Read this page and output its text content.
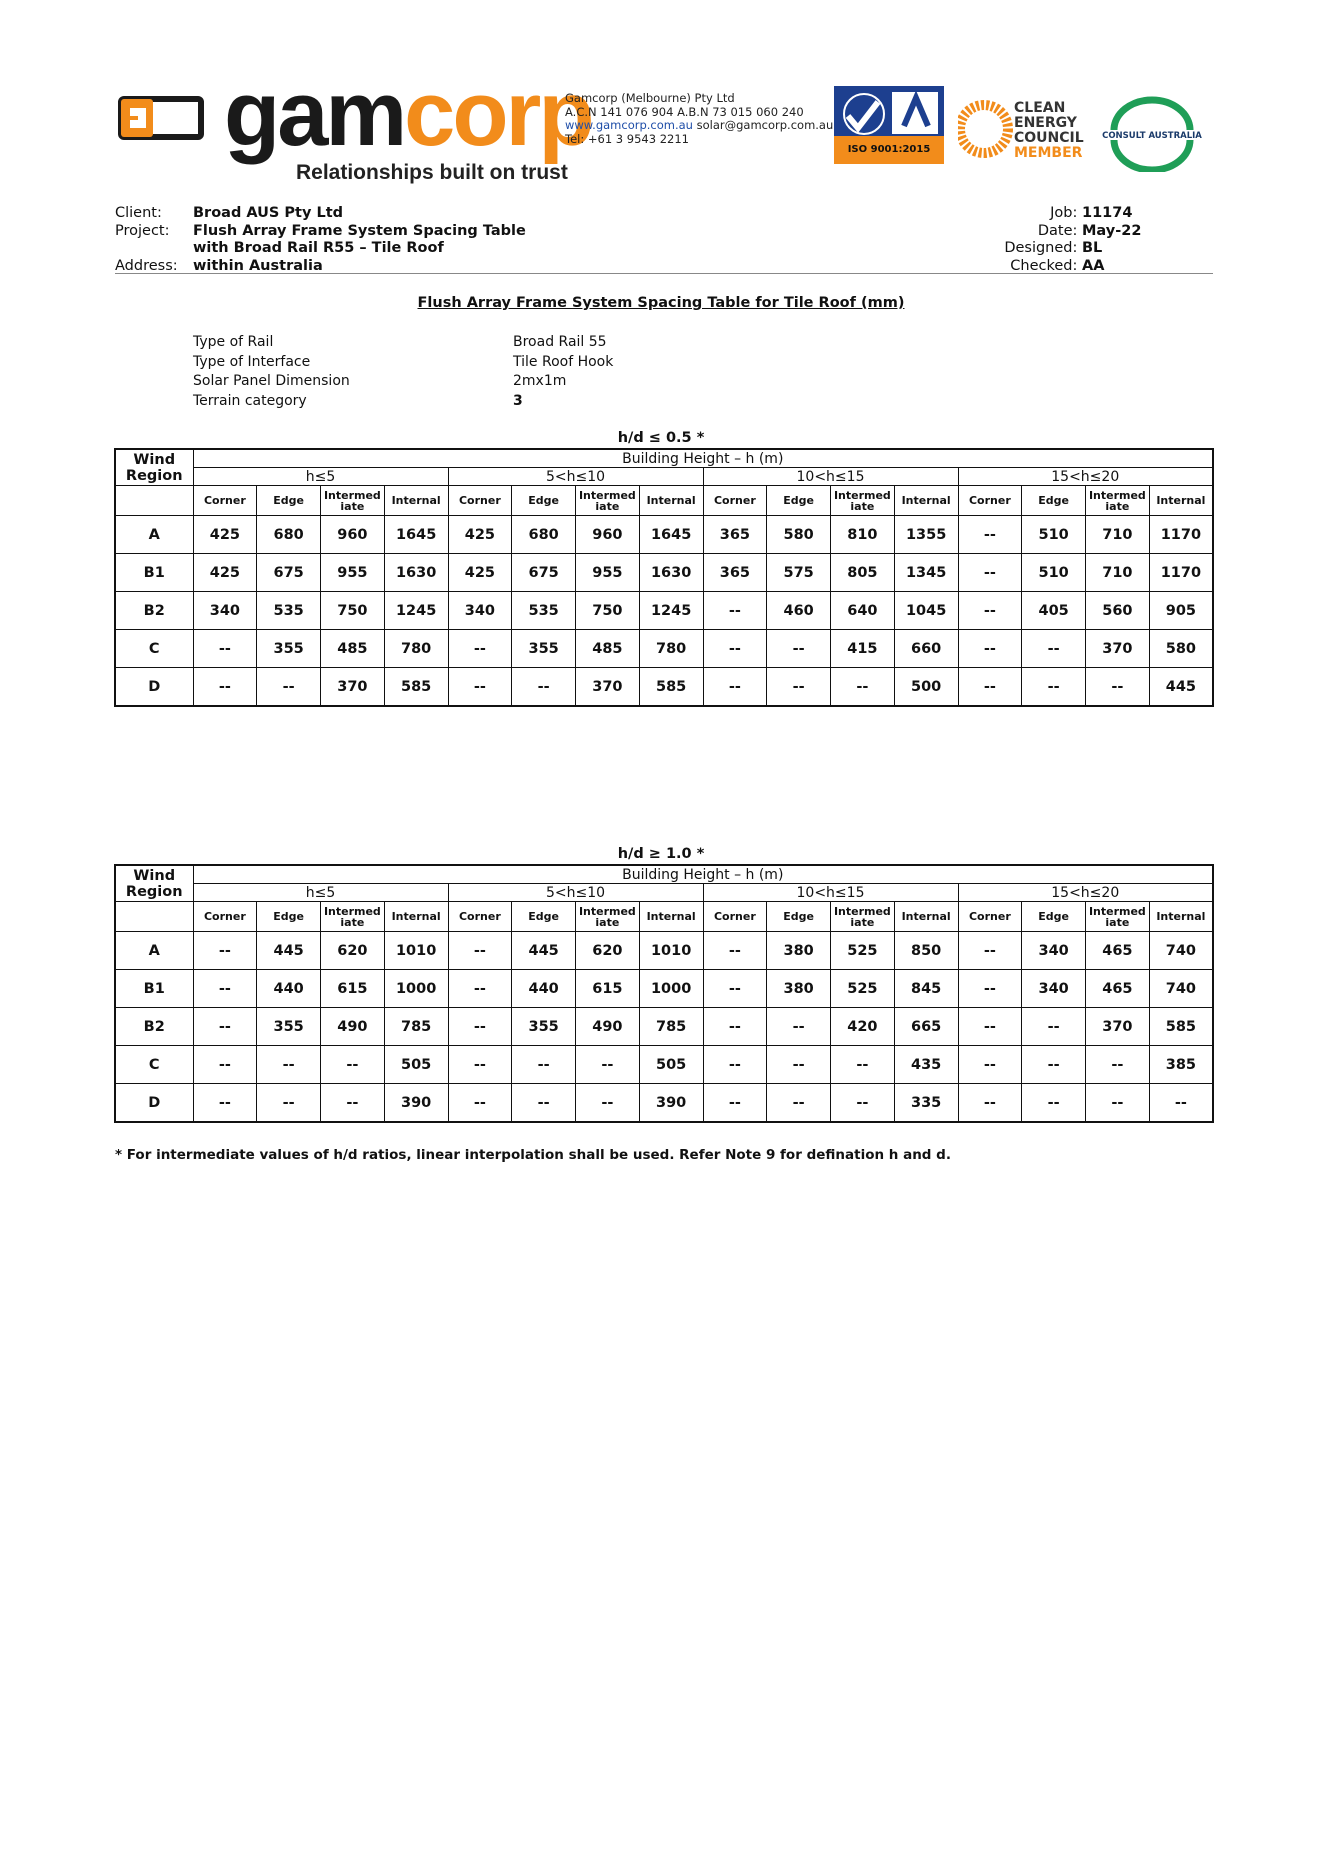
gamcorp
Relationships built on trust
Gamcorp (Melbourne) Pty Ltd
A.C.N 141 076 904 A.B.N 73 015 060 240
www.gamcorp.com.au solar@gamcorp.com.au
Tel: +61 3 9543 2211
ISO 9001:2015
CLEAN
ENERGY
COUNCIL
MEMBER
CONSULT AUSTRALIA
Client: Broad AUS Pty Ltd
Project: Flush Array Frame System Spacing Table
with Broad Rail R55 – Tile Roof
Address: within Australia
Job: 11174
Date: May-22
Designed: BL
Checked: AA
Flush Array Frame System Spacing Table for Tile Roof (mm)
Type of Rail	Broad Rail 55
Type of Interface	Tile Roof Hook
Solar Panel Dimension	2mx1m
Terrain category	3
h/d ≤ 0.5 *
Wind
Region	Building Height – h (m)															
	h≤5				5<h≤10				10<h≤15				15<h≤20			
	Corner	Edge	Intermed
iate	Internal	Corner	Edge	Intermed
iate	Internal	Corner	Edge	Intermed
iate	Internal	Corner	Edge	Intermed
iate	Internal
A	425	680	960	1645	425	680	960	1645	365	580	810	1355	--	510	710	1170
B1	425	675	955	1630	425	675	955	1630	365	575	805	1345	--	510	710	1170
B2	340	535	750	1245	340	535	750	1245	--	460	640	1045	--	405	560	905
C	--	355	485	780	--	355	485	780	--	--	415	660	--	--	370	580
D	--	--	370	585	--	--	370	585	--	--	--	500	--	--	--	445
h/d ≥ 1.0 *
Wind
Region	Building Height – h (m)															
	h≤5				5<h≤10				10<h≤15				15<h≤20			
	Corner	Edge	Intermed
iate	Internal	Corner	Edge	Intermed
iate	Internal	Corner	Edge	Intermed
iate	Internal	Corner	Edge	Intermed
iate	Internal
A	--	445	620	1010	--	445	620	1010	--	380	525	850	--	340	465	740
B1	--	440	615	1000	--	440	615	1000	--	380	525	845	--	340	465	740
B2	--	355	490	785	--	355	490	785	--	--	420	665	--	--	370	585
C	--	--	--	505	--	--	--	505	--	--	--	435	--	--	--	385
D	--	--	--	390	--	--	--	390	--	--	--	335	--	--	--	--
* For intermediate values of h/d ratios, linear interpolation shall be used. Refer Note 9 for defination h and d.
